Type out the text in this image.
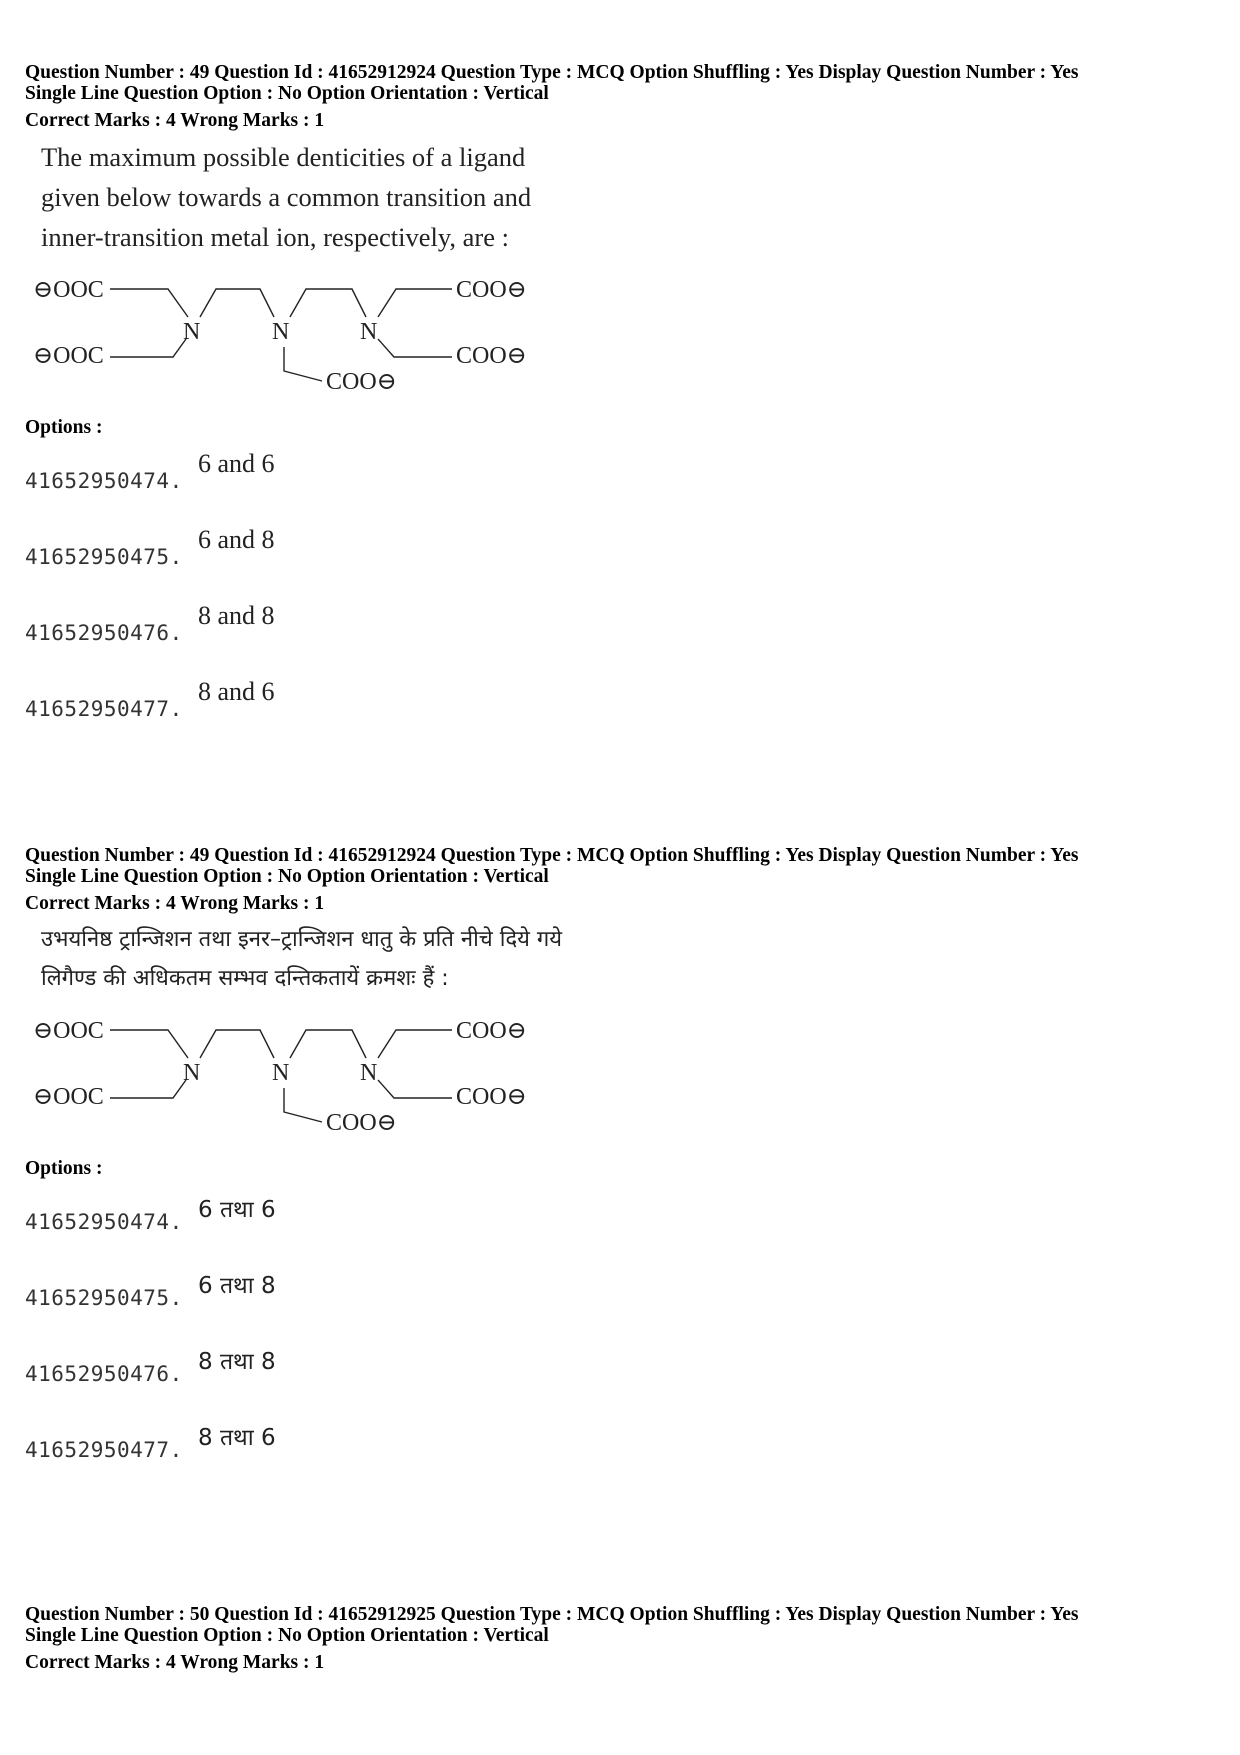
Question Number : 49 Question Id : 41652912924 Question Type : MCQ Option Shuffling : Yes Display Question Number : Yes

Single Line Question Option : No Option Orientation : Vertical

Correct Marks : 4 Wrong Marks : 1

The maximum possible denticities of a ligand given below towards a common transition and inner-transition metal ion, respectively, are :
⊖OOC
⊖OOC
N	N	N
COO⊖
COO⊖
COO⊖
Options :
41652950474.
6 and 6
41652950475.
6 and 8
41652950476.
8 and 8
41652950477.
8 and 6

Question Number : 49 Question Id : 41652912924 Question Type : MCQ Option Shuffling : Yes Display Question Number : Yes

Single Line Question Option : No Option Orientation : Vertical

Correct Marks : 4 Wrong Marks : 1

उभयनिष्ठ ट्रान्जिशन तथा इनर–ट्रान्जिशन धातु के प्रति नीचे दिये गये लिगैण्ड की अधिकतम सम्भव दन्तिकतायें क्रमशः हैं :
⊖OOC
⊖OOC
N	N	N
COO⊖
COO⊖
COO⊖
Options :
41652950474. 6 तथा 6
41652950475. 6 तथा 8
41652950476. 8 तथा 8
41652950477. 8 तथा 6

Question Number : 50 Question Id : 41652912925 Question Type : MCQ Option Shuffling : Yes Display Question Number : Yes

Single Line Question Option : No Option Orientation : Vertical

Correct Marks : 4 Wrong Marks : 1
